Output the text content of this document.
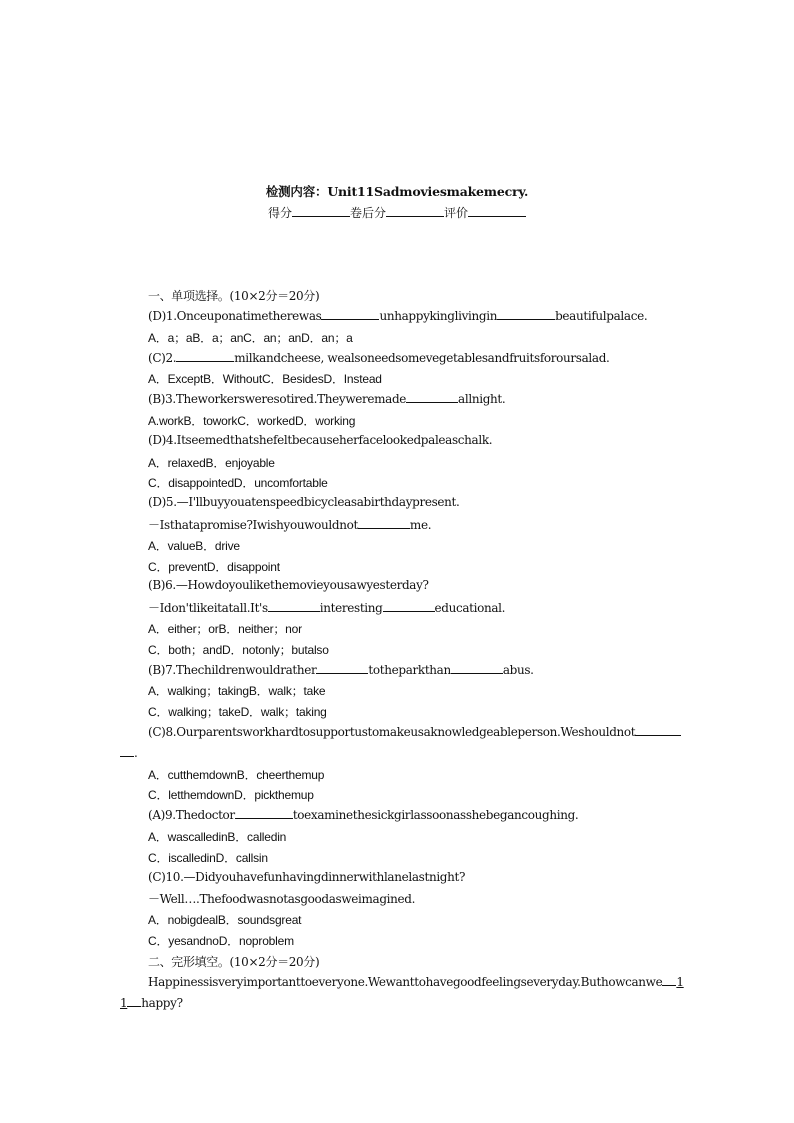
检测内容：Unit11Sadmoviesmakemecry.
得分	卷后分	评价
一、单项选择。(10×2分＝20分)
(D)1.Onceuponatimetherewas	unhappykinglivingin	beautifulpalace.
A．a；aB．a；anC．an；anD．an；a
(C)2.	milkandcheese, wealsoneedsomevegetablesandfruitsforoursalad.
A．ExceptB．WithoutC．BesidesD．Instead
(B)3.Theworkersweresotired.Theyweremade	allnight.
A.workB．toworkC．workedD．working
(D)4.Itseemedthatshefeltbecauseherfacelookedpaleaschalk.
A．relaxedB．enjoyable
C．disappointedD．uncomfortable
(D)5.—I'llbuyyouatenspeedbicycleasabirthdaypresent.
－Isthatapromise?Iwishyouwouldnot	me.
A．valueB．drive
C．preventD．disappoint
(B)6.—Howdoyoulikethemovieyousawyesterday?
－Idon'tlikeitatall.It's	interesting	educational.
A．either；orB．neither；nor
C．both；andD．notonly；butalso
(B)7.Thechildrenwouldrather	totheparkthan	abus.
A．walking；takingB．walk；take
C．walking；takeD．walk；taking
(C)8.Ourparentsworkhardtosupportustomakeusaknowledgeableperson.Weshouldnot
.
A．cutthemdownB．cheerthemup
C．letthemdownD．pickthemup
(A)9.Thedoctor	toexaminethesickgirlassoonasshebegancoughing.
A．wascalledinB．calledin
C．iscalledinD．callsin
(C)10.—Didyouhavefunhavingdinnerwithlanelastnight?
－Well….Thefoodwasnotasgoodasweimagined.
A．nobigdealB．soundsgreat
C．yesandnoD．noproblem
二、完形填空。(10×2分＝20分)
Happinessisveryimportanttoeveryone.Wewanttohavegoodfeelingseveryday.Buthowcanwe 1
1 happy?
